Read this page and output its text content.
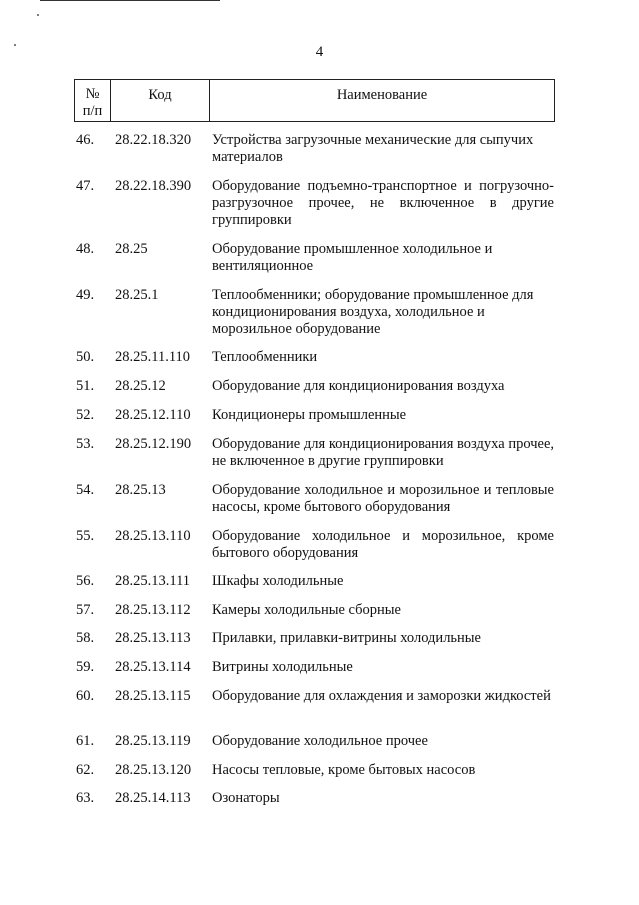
4
№
п/п
Код	Наименование
46.	28.22.18.320	Устройства загрузочные механические для сыпучих материалов
47.	28.22.18.390	Оборудование подъемно-транспортное и погрузочно-разгрузочное прочее, не включенное в другие группировки
48.	28.25	Оборудование промышленное холодильное и вентиляционное
49.	28.25.1	Теплообменники; оборудование промышленное для кондиционирования воздуха, холодильное и морозильное оборудование
50.	28.25.11.110	Теплообменники
51.	28.25.12	Оборудование для кондиционирования воздуха
52.	28.25.12.110	Кондиционеры промышленные
53.	28.25.12.190	Оборудование для кондиционирования воздуха прочее, не включенное в другие группировки
54.	28.25.13	Оборудование холодильное и морозильное и тепловые насосы, кроме бытового оборудования
55.	28.25.13.110	Оборудование холодильное и морозильное, кроме бытового оборудования
56.	28.25.13.111	Шкафы холодильные
57.	28.25.13.112	Камеры холодильные сборные
58.	28.25.13.113	Прилавки, прилавки-витрины холодильные
59.	28.25.13.114	Витрины холодильные
60.	28.25.13.115	Оборудование для охлаждения и заморозки жидкостей
61.	28.25.13.119	Оборудование холодильное прочее
62.	28.25.13.120	Насосы тепловые, кроме бытовых насосов
63.	28.25.14.113	Озонаторы
